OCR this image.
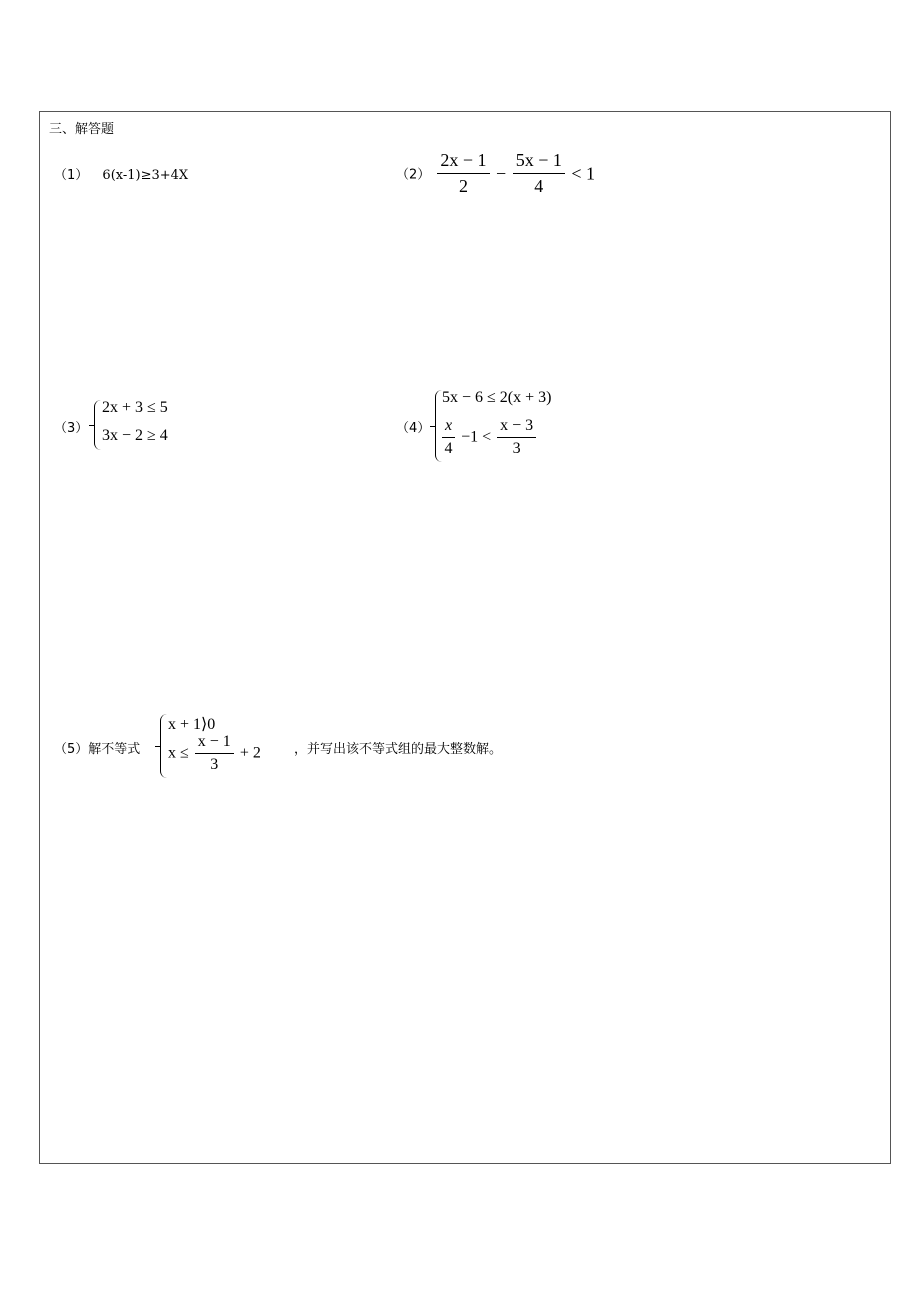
三、解答题
（1） 6(x-1)≥3+4X	$(2) \frac{2x - 1}{2} - \frac{5x - 1}{4} < 1$
（3）
2x + 3 ≤ 5
3x − 2 ≥ 4	（4）
5x − 6 ≤ 2(x + 3)
$\frac{x}{4} -1 < \frac{x - 3}{3}$
（5）解不等式
x + 1⟩0
$x \le \frac{x - 1}{3} + 2$	，并写出该不等式组的最大整数解。
